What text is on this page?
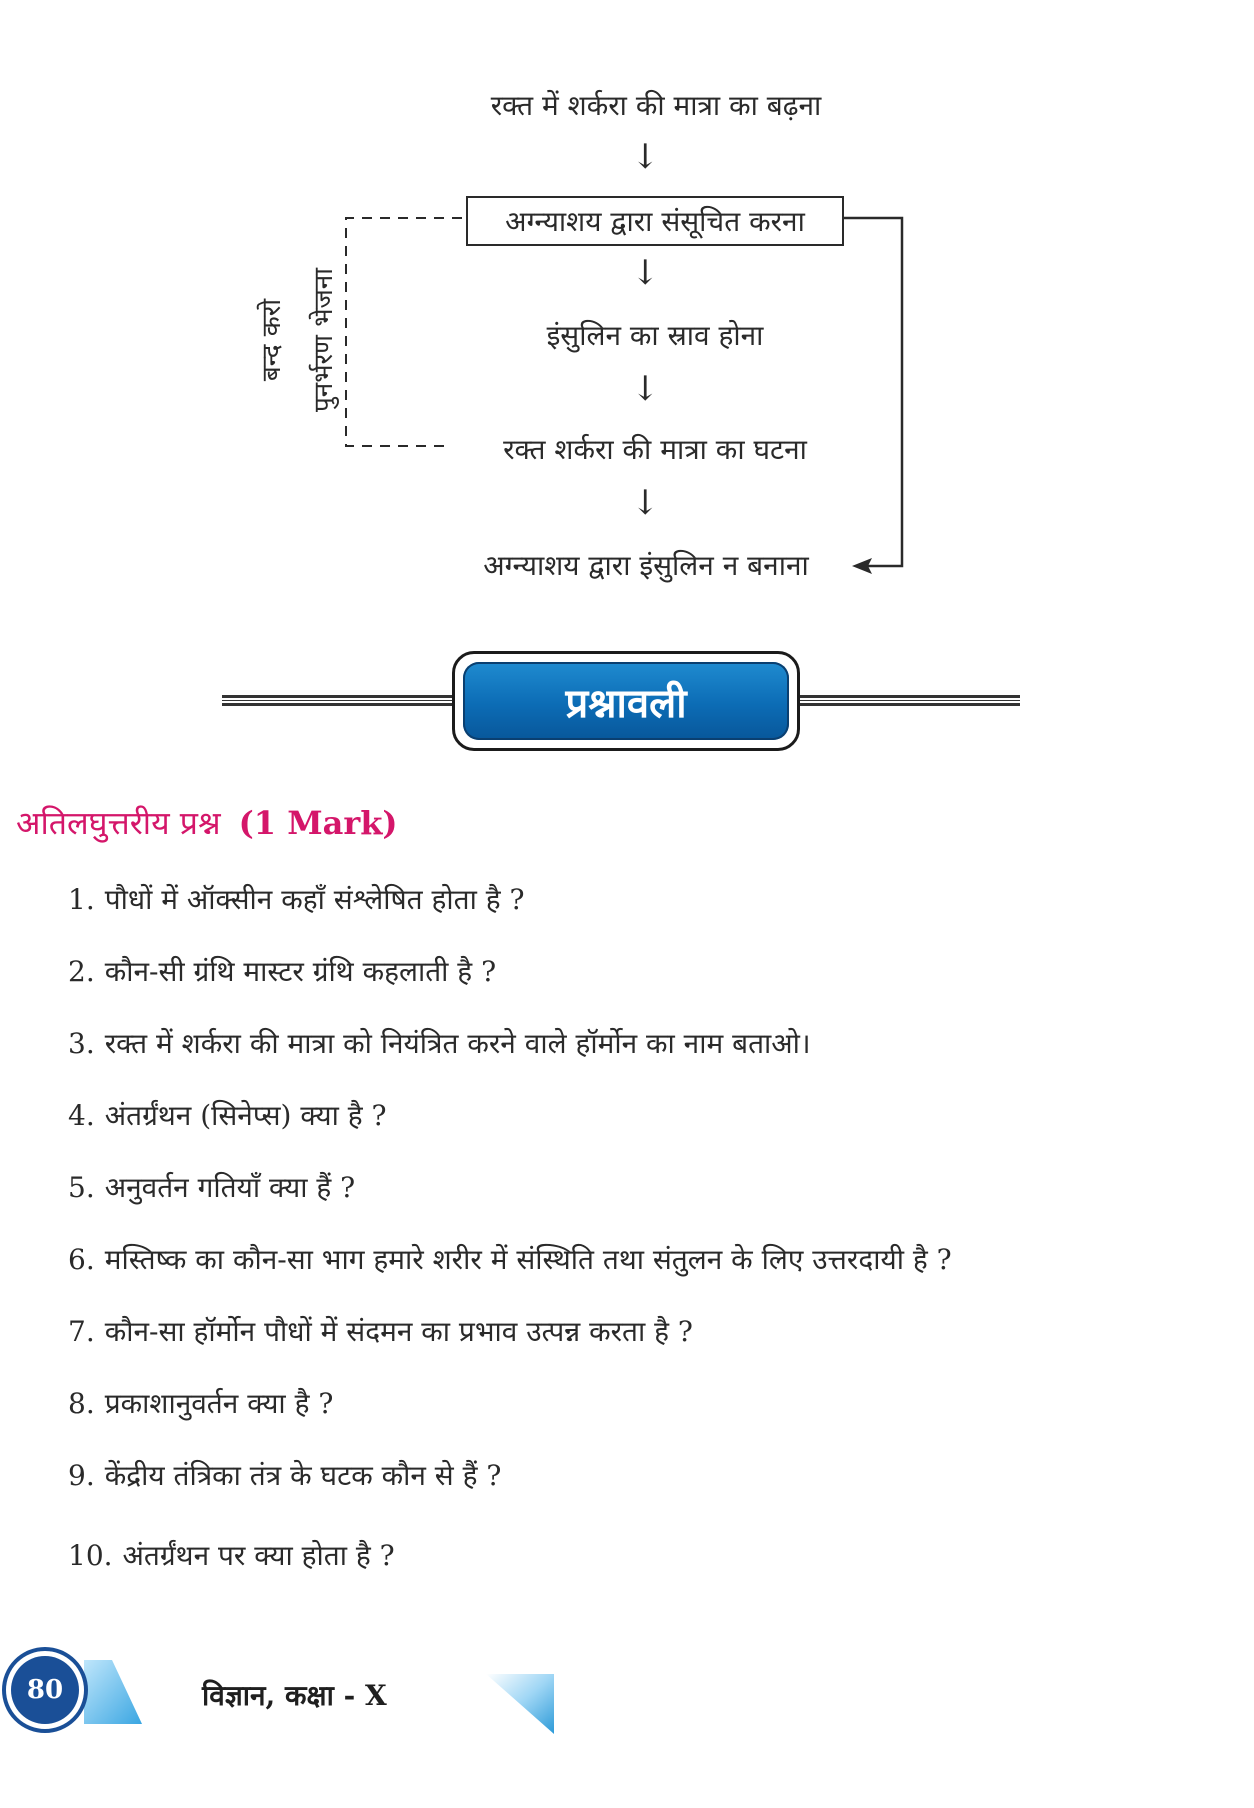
रक्त में शर्करा की मात्रा का बढ़ना
↓
अग्न्याशय द्वारा संसूचित करना
↓
इंसुलिन का स्राव होना
↓
रक्त शर्करा की मात्रा का घटना
↓
अग्न्याशय द्वारा इंसुलिन न बनाना
बन्द करो पुनर्भरण भेजना
प्रश्नावली
अतिलघुत्तरीय प्रश्न (1 Mark)
1. पौधों में ऑक्सीन कहाँ संश्लेषित होता है ?
2. कौन-सी ग्रंथि मास्टर ग्रंथि कहलाती है ?
3. रक्त में शर्करा की मात्रा को नियंत्रित करने वाले हॉर्मोन का नाम बताओ।
4. अंतर्ग्रंथन (सिनेप्स) क्या है ?
5. अनुवर्तन गतियाँ क्या हैं ?
6. मस्तिष्क का कौन-सा भाग हमारे शरीर में संस्थिति तथा संतुलन के लिए उत्तरदायी है ?
7. कौन-सा हॉर्मोन पौधों में संदमन का प्रभाव उत्पन्न करता है ?
8. प्रकाशानुवर्तन क्या है ?
9. केंद्रीय तंत्रिका तंत्र के घटक कौन से हैं ?
10. अंतर्ग्रंथन पर क्या होता है ?
80	विज्ञान, कक्षा - X
